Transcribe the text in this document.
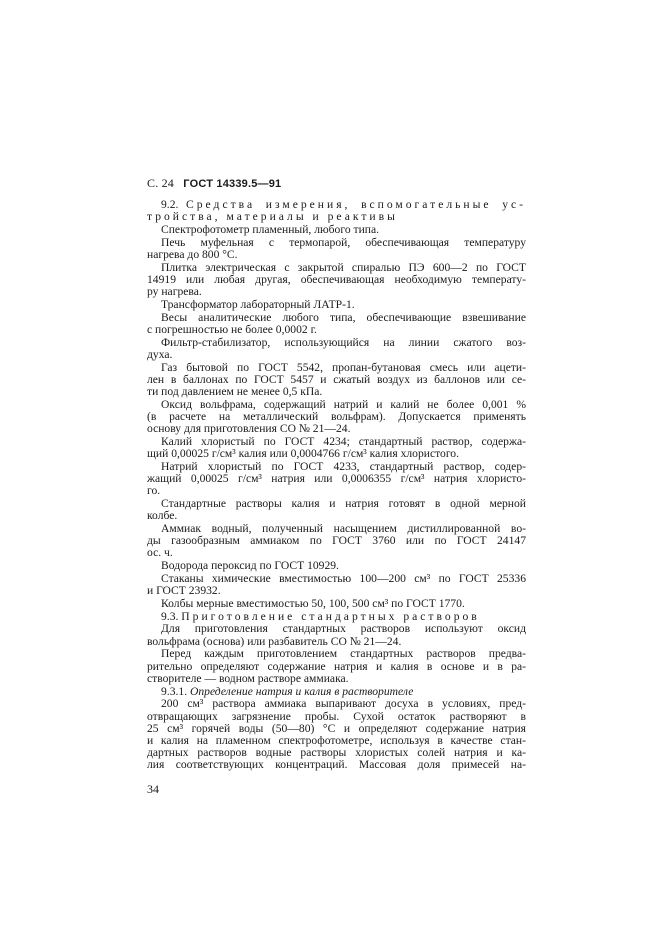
С. 24 ГОСТ 14339.5—91
9.2. Средства измерения, вспомогательные ус-
тройства, материалы и реактивы
Спектрофотометр пламенный, любого типа.
Печь муфельная с термопарой, обеспечивающая температуру
нагрева до 800 °С.
Плитка электрическая с закрытой спиралью ПЭ 600—2 по ГОСТ
14919 или любая другая, обеспечивающая необходимую температу-
ру нагрева.
Трансформатор лабораторный ЛАТР-1.
Весы аналитические любого типа, обеспечивающие взвешивание
с погрешностью не более 0,0002 г.
Фильтр-стабилизатор, использующийся на линии сжатого воз-
духа.
Газ бытовой по ГОСТ 5542, пропан-бутановая смесь или ацети-
лен в баллонах по ГОСТ 5457 и сжатый воздух из баллонов или се-
ти под давлением не менее 0,5 кПа.
Оксид вольфрама, содержащий натрий и калий не более 0,001 %
(в расчете на металлический вольфрам). Допускается применять
основу для приготовления СО № 21—24.
Калий хлористый по ГОСТ 4234; стандартный раствор, содержа-
щий 0,00025 г/см³ калия или 0,0004766 г/см³ калия хлористого.
Натрий хлористый по ГОСТ 4233, стандартный раствор, содер-
жащий 0,00025 г/см³ натрия или 0,0006355 г/см³ натрия хлористо-
го.
Стандартные растворы калия и натрия готовят в одной мерной
колбе.
Аммиак водный, полученный насыщением дистиллированной во-
ды газообразным аммиаком по ГОСТ 3760 или по ГОСТ 24147
ос. ч.
Водорода пероксид по ГОСТ 10929.
Стаканы химические вместимостью 100—200 см³ по ГОСТ 25336
и ГОСТ 23932.
Колбы мерные вместимостью 50, 100, 500 см³ по ГОСТ 1770.
9.3. Приготовление стандартных растворов
Для приготовления стандартных растворов используют оксид
вольфрама (основа) или разбавитель СО № 21—24.
Перед каждым приготовлением стандартных растворов предва-
рительно определяют содержание натрия и калия в основе и в ра-
створителе — водном растворе аммиака.
9.3.1. Определение натрия и калия в растворителе
200 см³ раствора аммиака выпаривают досуха в условиях, пред-
отвращающих загрязнение пробы. Сухой остаток растворяют в
25 см³ горячей воды (50—80) °С и определяют содержание натрия
и калия на пламенном спектрофотометре, используя в качестве стан-
дартных растворов водные растворы хлористых солей натрия и ка-
лия соответствующих концентраций. Массовая доля примесей на-
34
